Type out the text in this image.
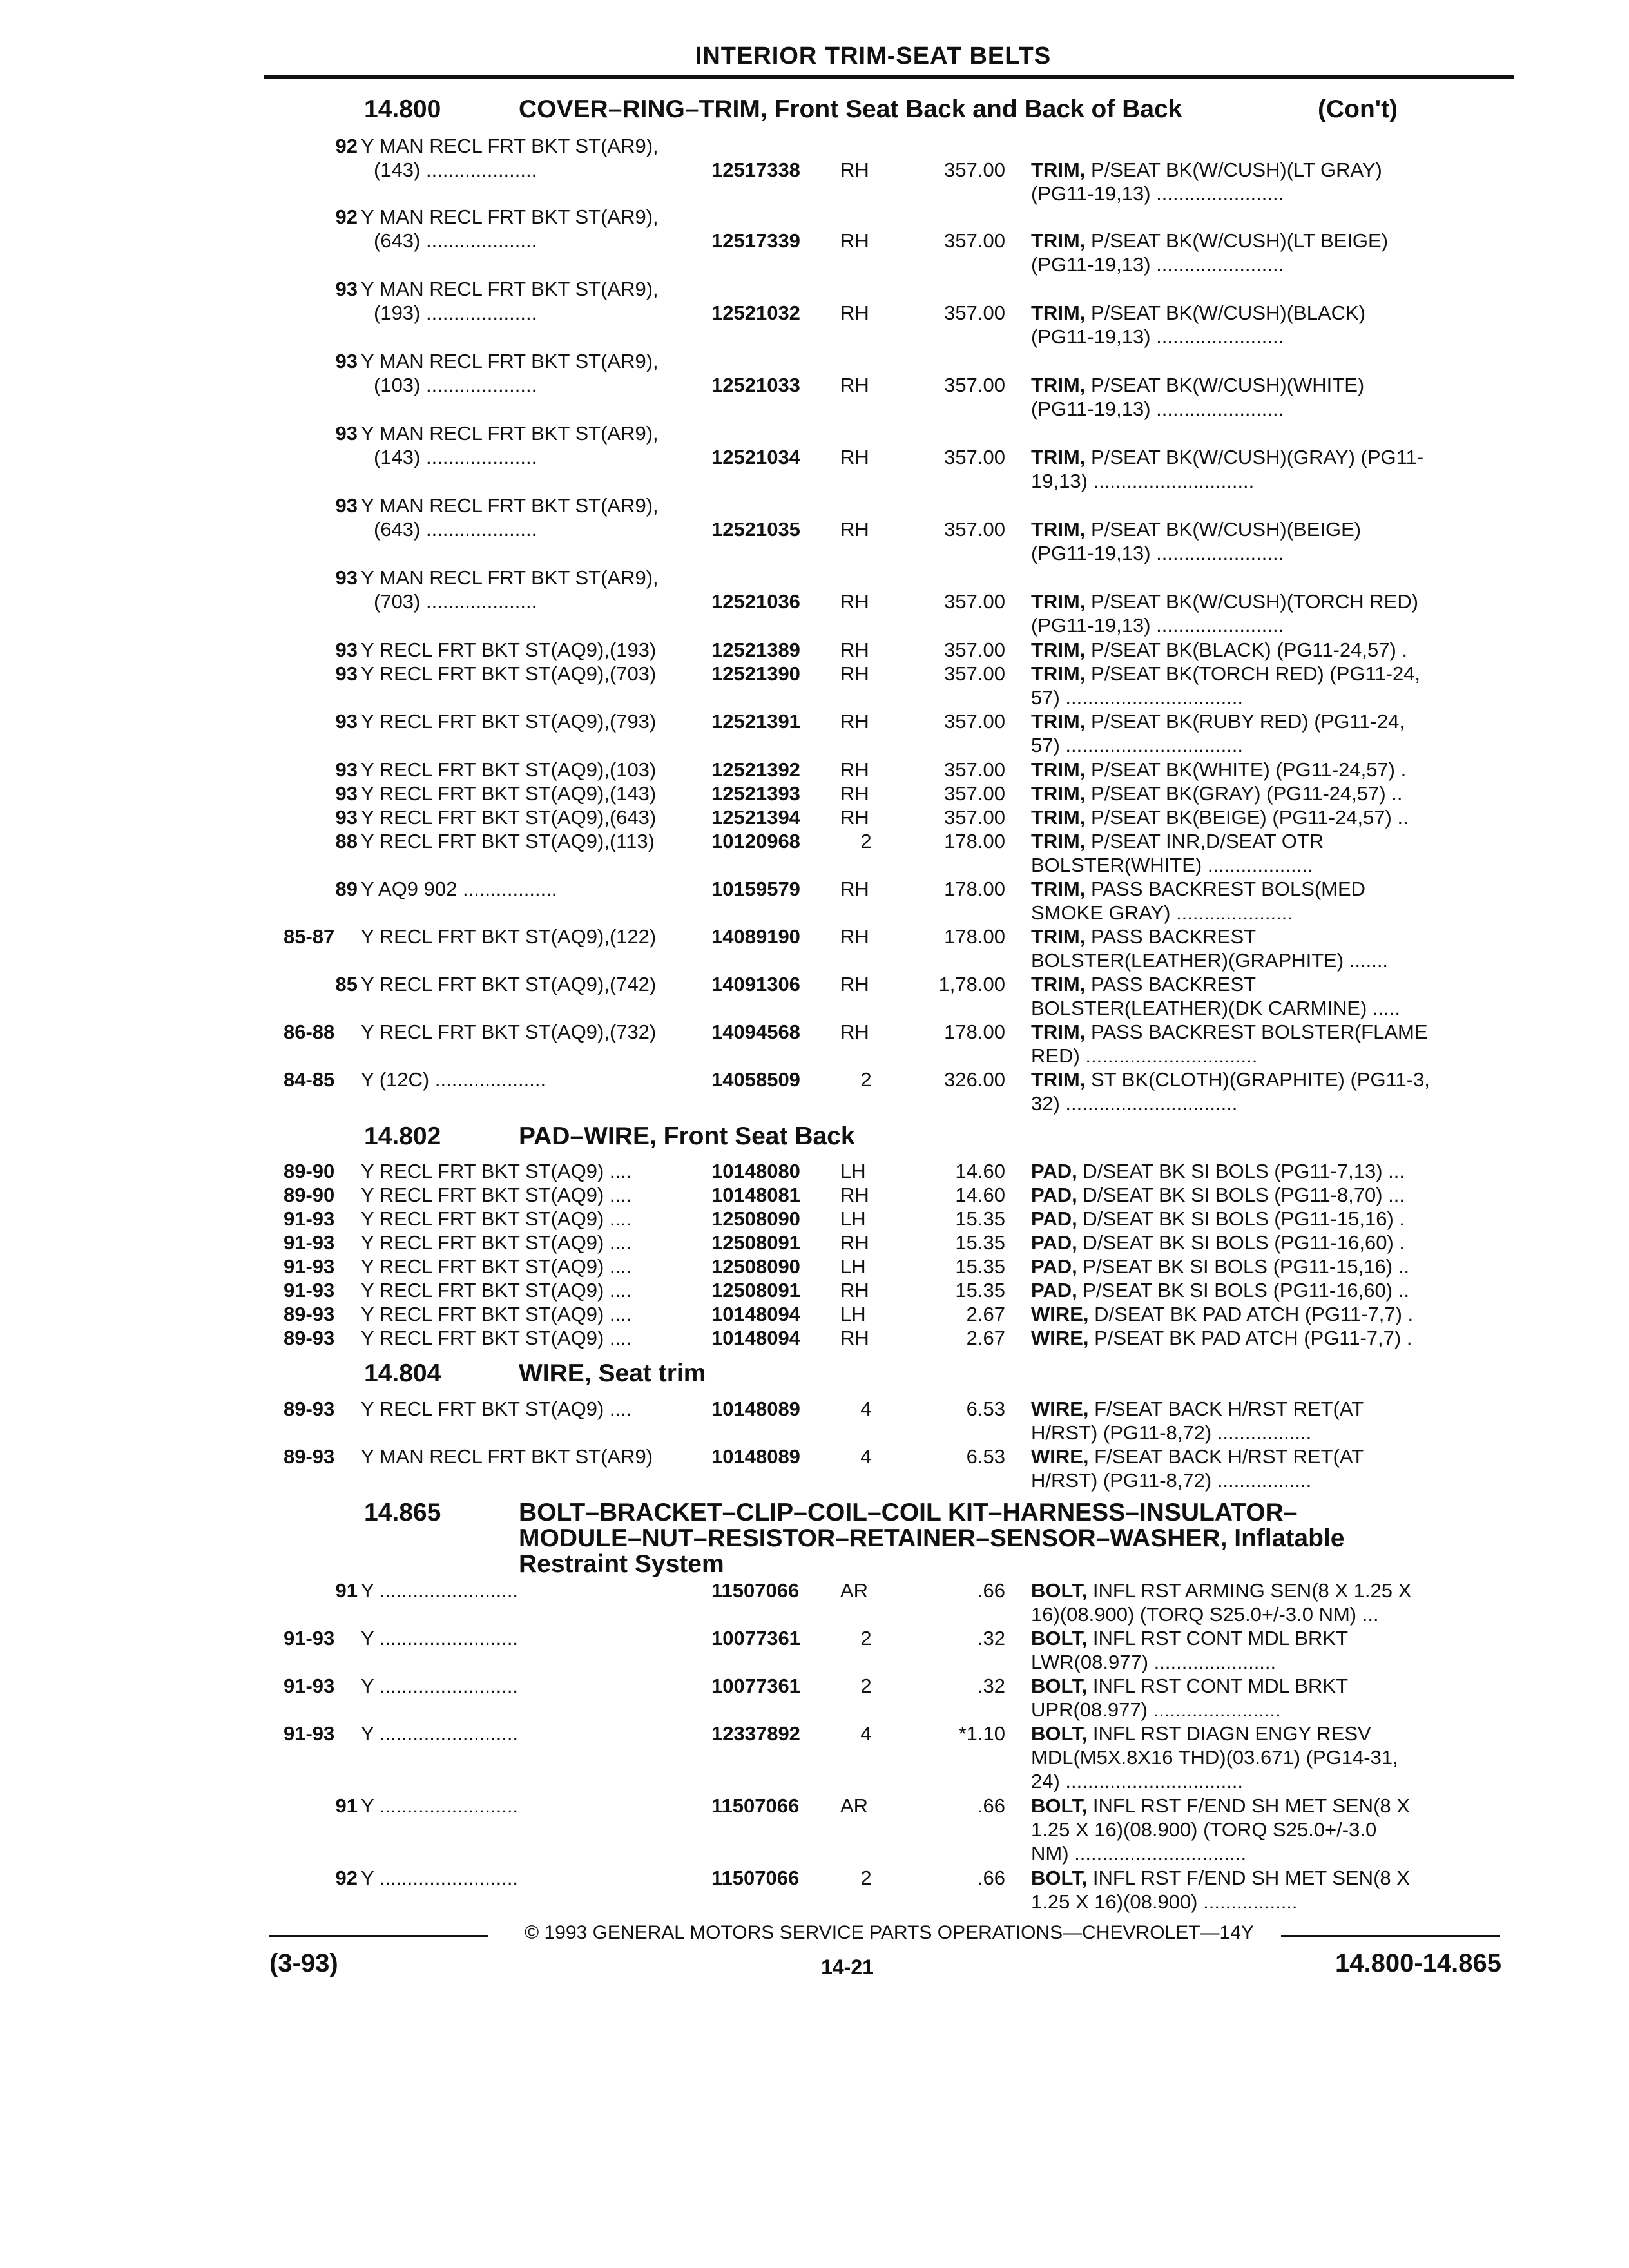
INTERIOR TRIM-SEAT BELTS
14.800	COVER–RING–TRIM, Front Seat Back and Back of Back	(Con't)
92 Y MAN RECL FRT BKT ST(AR9),
(143) ....................	12517338	RH	357.00 TRIM, P/SEAT BK(W/CUSH)(LT GRAY)
(PG11-19,13) .......................
92 Y MAN RECL FRT BKT ST(AR9),
(643) ....................	12517339	RH	357.00 TRIM, P/SEAT BK(W/CUSH)(LT BEIGE)
(PG11-19,13) .......................
93 Y MAN RECL FRT BKT ST(AR9),
(193) ....................	12521032	RH	357.00 TRIM, P/SEAT BK(W/CUSH)(BLACK)
(PG11-19,13) .......................
93 Y MAN RECL FRT BKT ST(AR9),
(103) ....................	12521033	RH	357.00 TRIM, P/SEAT BK(W/CUSH)(WHITE)
(PG11-19,13) .......................
93 Y MAN RECL FRT BKT ST(AR9),
(143) ....................	12521034	RH	357.00 TRIM, P/SEAT BK(W/CUSH)(GRAY) (PG11-
19,13) .............................
93 Y MAN RECL FRT BKT ST(AR9),
(643) ....................	12521035	RH	357.00 TRIM, P/SEAT BK(W/CUSH)(BEIGE)
(PG11-19,13) .......................
93 Y MAN RECL FRT BKT ST(AR9),
(703) ....................	12521036	RH	357.00 TRIM, P/SEAT BK(W/CUSH)(TORCH RED)
(PG11-19,13) .......................
93 Y RECL FRT BKT ST(AQ9),(193)	12521389	RH	357.00 TRIM, P/SEAT BK(BLACK) (PG11-24,57) .
93 Y RECL FRT BKT ST(AQ9),(703)	12521390	RH	357.00 TRIM, P/SEAT BK(TORCH RED) (PG11-24,
57) ................................
93 Y RECL FRT BKT ST(AQ9),(793)	12521391	RH	357.00 TRIM, P/SEAT BK(RUBY RED) (PG11-24,
57) ................................
93 Y RECL FRT BKT ST(AQ9),(103)	12521392	RH	357.00 TRIM, P/SEAT BK(WHITE) (PG11-24,57) .
93 Y RECL FRT BKT ST(AQ9),(143)	12521393	RH	357.00 TRIM, P/SEAT BK(GRAY) (PG11-24,57) ..
93 Y RECL FRT BKT ST(AQ9),(643)	12521394	RH	357.00 TRIM, P/SEAT BK(BEIGE) (PG11-24,57) ..
88 Y RECL FRT BKT ST(AQ9),(113)	10120968	2	178.00 TRIM, P/SEAT INR,D/SEAT OTR
BOLSTER(WHITE) ...................
89 Y AQ9 902 .................	10159579	RH	178.00 TRIM, PASS BACKREST BOLS(MED
SMOKE GRAY) .....................
85-87	Y RECL FRT BKT ST(AQ9),(122)	14089190	RH	178.00 TRIM, PASS BACKREST
BOLSTER(LEATHER)(GRAPHITE) .......
85 Y RECL FRT BKT ST(AQ9),(742)	14091306	RH	1,78.00 TRIM, PASS BACKREST
BOLSTER(LEATHER)(DK CARMINE) .....
86-88	Y RECL FRT BKT ST(AQ9),(732)	14094568	RH	178.00 TRIM, PASS BACKREST BOLSTER(FLAME
RED) ...............................
84-85	Y (12C) ....................	14058509	2	326.00 TRIM, ST BK(CLOTH)(GRAPHITE) (PG11-3,
32) ...............................
14.802	PAD–WIRE, Front Seat Back
89-90	Y RECL FRT BKT ST(AQ9) ....	10148080	LH	14.60 PAD, D/SEAT BK SI BOLS (PG11-7,13) ...
89-90	Y RECL FRT BKT ST(AQ9) ....	10148081	RH	14.60 PAD, D/SEAT BK SI BOLS (PG11-8,70) ...
91-93	Y RECL FRT BKT ST(AQ9) ....	12508090	LH	15.35 PAD, D/SEAT BK SI BOLS (PG11-15,16) .
91-93	Y RECL FRT BKT ST(AQ9) ....	12508091	RH	15.35 PAD, D/SEAT BK SI BOLS (PG11-16,60) .
91-93	Y RECL FRT BKT ST(AQ9) ....	12508090	LH	15.35 PAD, P/SEAT BK SI BOLS (PG11-15,16) ..
91-93	Y RECL FRT BKT ST(AQ9) ....	12508091	RH	15.35 PAD, P/SEAT BK SI BOLS (PG11-16,60) ..
89-93	Y RECL FRT BKT ST(AQ9) ....	10148094	LH	2.67 WIRE, D/SEAT BK PAD ATCH (PG11-7,7) .
89-93	Y RECL FRT BKT ST(AQ9) ....	10148094	RH	2.67 WIRE, P/SEAT BK PAD ATCH (PG11-7,7) .
14.804	WIRE, Seat trim
89-93	Y RECL FRT BKT ST(AQ9) ....	10148089	4	6.53 WIRE, F/SEAT BACK H/RST RET(AT
H/RST) (PG11-8,72) .................
89-93	Y MAN RECL FRT BKT ST(AR9)	10148089	4	6.53 WIRE, F/SEAT BACK H/RST RET(AT
H/RST) (PG11-8,72) .................
14.865	BOLT–BRACKET–CLIP–COIL–COIL KIT–HARNESS–INSULATOR–
MODULE–NUT–RESISTOR–RETAINER–SENSOR–WASHER, Inflatable
Restraint System
91 Y .........................	11507066	AR	.66 BOLT, INFL RST ARMING SEN(8 X 1.25 X
16)(08.900) (TORQ S25.0+/-3.0 NM) ...
91-93	Y .........................	10077361	2	.32 BOLT, INFL RST CONT MDL BRKT
LWR(08.977) ......................
91-93	Y .........................	10077361	2	.32 BOLT, INFL RST CONT MDL BRKT
UPR(08.977) .......................
91-93	Y .........................	12337892	4	*1.10 BOLT, INFL RST DIAGN ENGY RESV
MDL(M5X.8X16 THD)(03.671) (PG14-31,
24) ................................
91 Y .........................	11507066	AR	.66 BOLT, INFL RST F/END SH MET SEN(8 X
1.25 X 16)(08.900) (TORQ S25.0+/-3.0
NM) ...............................
92 Y .........................	11507066	2	.66 BOLT, INFL RST F/END SH MET SEN(8 X
1.25 X 16)(08.900) .................
© 1993 GENERAL MOTORS SERVICE PARTS OPERATIONS—CHEVROLET—14Y
(3-93)	14-21	14.800-14.865
